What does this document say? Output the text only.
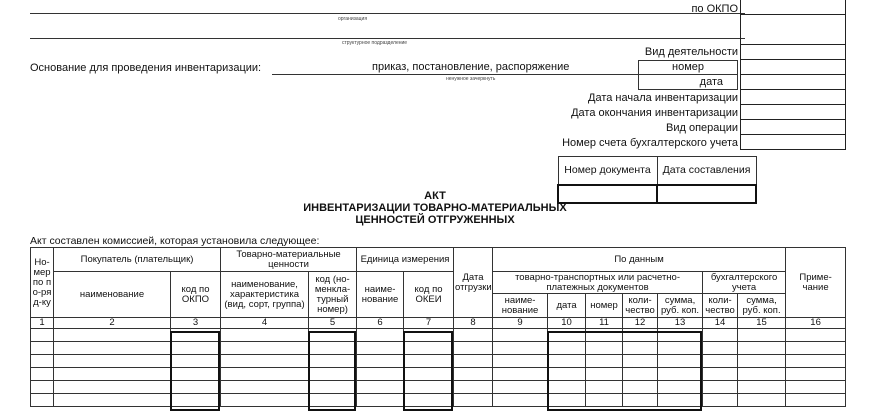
по ОКПО
организация
структурное подразделение
Основание для проведения инвентаризации:	приказ, постановление, распоряжение
ненужное зачеркнуть
Вид деятельности
номер
дата
Дата начала инвентаризации
Дата окончания инвентаризации
Вид операции
Номер счета бухгалтерского учета
Номер документа	Дата составления

АКТ
ИНВЕНТАРИЗАЦИИ ТОВАРНО-МАТЕРИАЛЬНЫХ
ЦЕННОСТЕЙ ОТГРУЖЕННЫХ
Акт составлен комиссией, которая установила следующее:
Но-мер по по-ряд-ку	Покупатель (плательщик)		Товарно-материальные ценности		Единица измерения		Дата отгрузки	По данным							Приме-чание
	наименование	код по ОКПО	наименование, характеристика (вид, сорт, группа)	код (но-менкла-турный номер)	наиме-нование	код по ОКЕИ		товарно-транспортных или расчетно-платежных документов					бухгалтерского учета		
								наиме-нование	дата	номер	коли-чество	сумма, руб. коп.	коли-чество	сумма, руб. коп.	
1	2	3	4	5	6	7	8	9	10	11	12	13	14	15	16
